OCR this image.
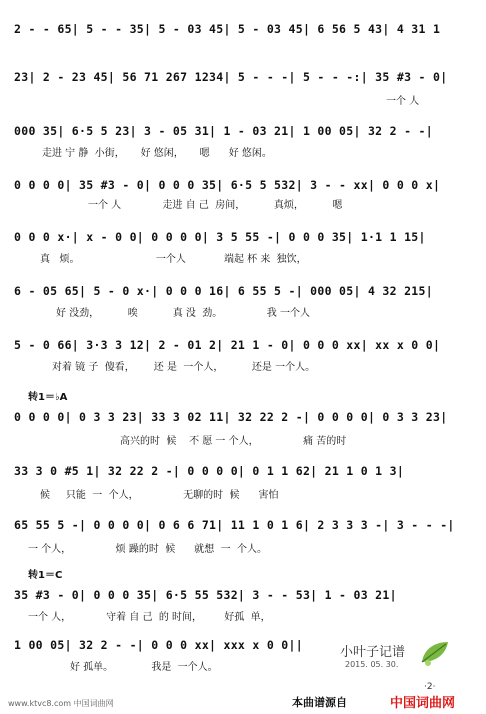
2 - - 65| 5 - - 35| 5 - 03 45| 5 - 03 45| 6 56 5 43| 4 31 1
23| 2 - 23 45| 56 71 267 1234| 5 - - -| 5 - - -:| 35 #3 - 0|
一个 人
000 35| 6·5 5 23| 3 - 05 31| 1 - 03 21| 1 00 05| 32 2 - -|
走进 宁 静  小街，     好 悠闲，     嗯      好 悠闲。
0 0 0 0| 35 #3 - 0| 0 0 0 35| 6·5 5 532| 3 - - xx| 0 0 0 x|
一个 人             走进 自 己  房间，         真烦，         嗯
0 0 0 x·| x - 0 0| 0 0 0 0| 3 5 55 -| 0 0 0 35| 1·1 1 15|
真   烦。                        一个人            端起 杯 来  独饮，
6 - 05 65| 5 - 0 x·| 0 0 0 16| 6 55 5 -| 000 05| 4 32 215|
好 没劲，         唉           真 没  劲。              我 一个人
5 - 0 66| 3·3 3 12| 2 - 01 2| 21 1 - 0| 0 0 0 xx| xx x 0 0|
对着 镜 子  傻看，      还 是  一个人，         还是 一个人。
转1＝♭A
0 0 0 0| 0 3 3 23| 33 3 02 11| 32 22 2 -| 0 0 0 0| 0 3 3 23|
高兴的时  候    不 愿 一 个人，              痛 苦的时
33 3 0 #5 1| 32 22 2 -| 0 0 0 0| 0 1 1 62| 21 1 0 1 3|
候     只能  一  个人，              无聊的时  候      害怕
65 55 5 -| 0 0 0 0| 0 6 6 71| 11 1 0 1 6| 2 3 3 3 -| 3 - - -|
一 个人，              烦 躁的时  候      就想  一  个人。
转1＝C
35 #3 - 0| 0 0 0 35| 6·5 55 532| 3 - - 53| 1 - 03 21|
一个 人，           守着 自 己  的 时间，       好孤  单，
1 00 05| 32 2 - -| 0 0 0 xx| xxx x 0 0||
好 孤单。            我是  一个人。
小叶子记谱
2015. 05. 30.
·2·
www.ktvc8.com 中国词曲网	本曲谱源自	中国词曲网
